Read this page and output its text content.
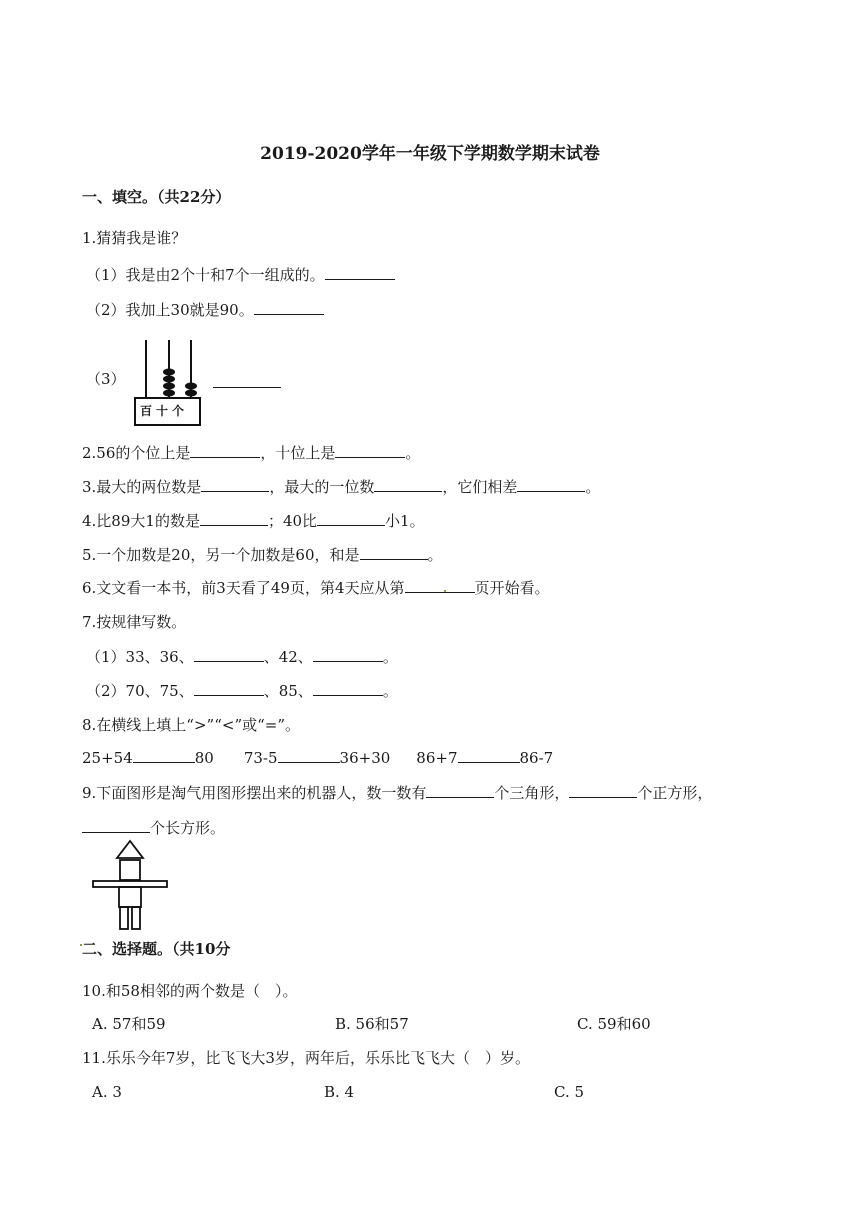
2019-2020学年一年级下学期数学期末试卷
一、填空。（共22分）
1.猜猜我是谁？
（1）我是由2个十和7个一组成的。
（2）我加上30就是90。
（3）
百十个
2.56的个位上是	，十位上是	。
3.最大的两位数是	，最大的一位数	，它们相差	。
4.比89大1的数是	；40比	小1。
5.一个加数是20，另一个加数是60，和是	。
6.文文看一本书，前3天看了49页，第4天应从第	页开始看。
7.按规律写数。
（1）33、36、	、42、	。
（2）70、75、	、85、	。
8.在横线上填上“>”“<”或“=”。
25+54	80 73-5	36+30 86+7	86-7
9.下面图形是淘气用图形摆出来的机器人，数一数有	个三角形，	个正方形，
个长方形。
二、选择题。（共10分
10.和58相邻的两个数是（　）。
A. 57和59	B. 56和57	C. 59和60
11.乐乐今年7岁，比飞飞大3岁，两年后，乐乐比飞飞大（　）岁。
A. 3	B. 4	C. 5
